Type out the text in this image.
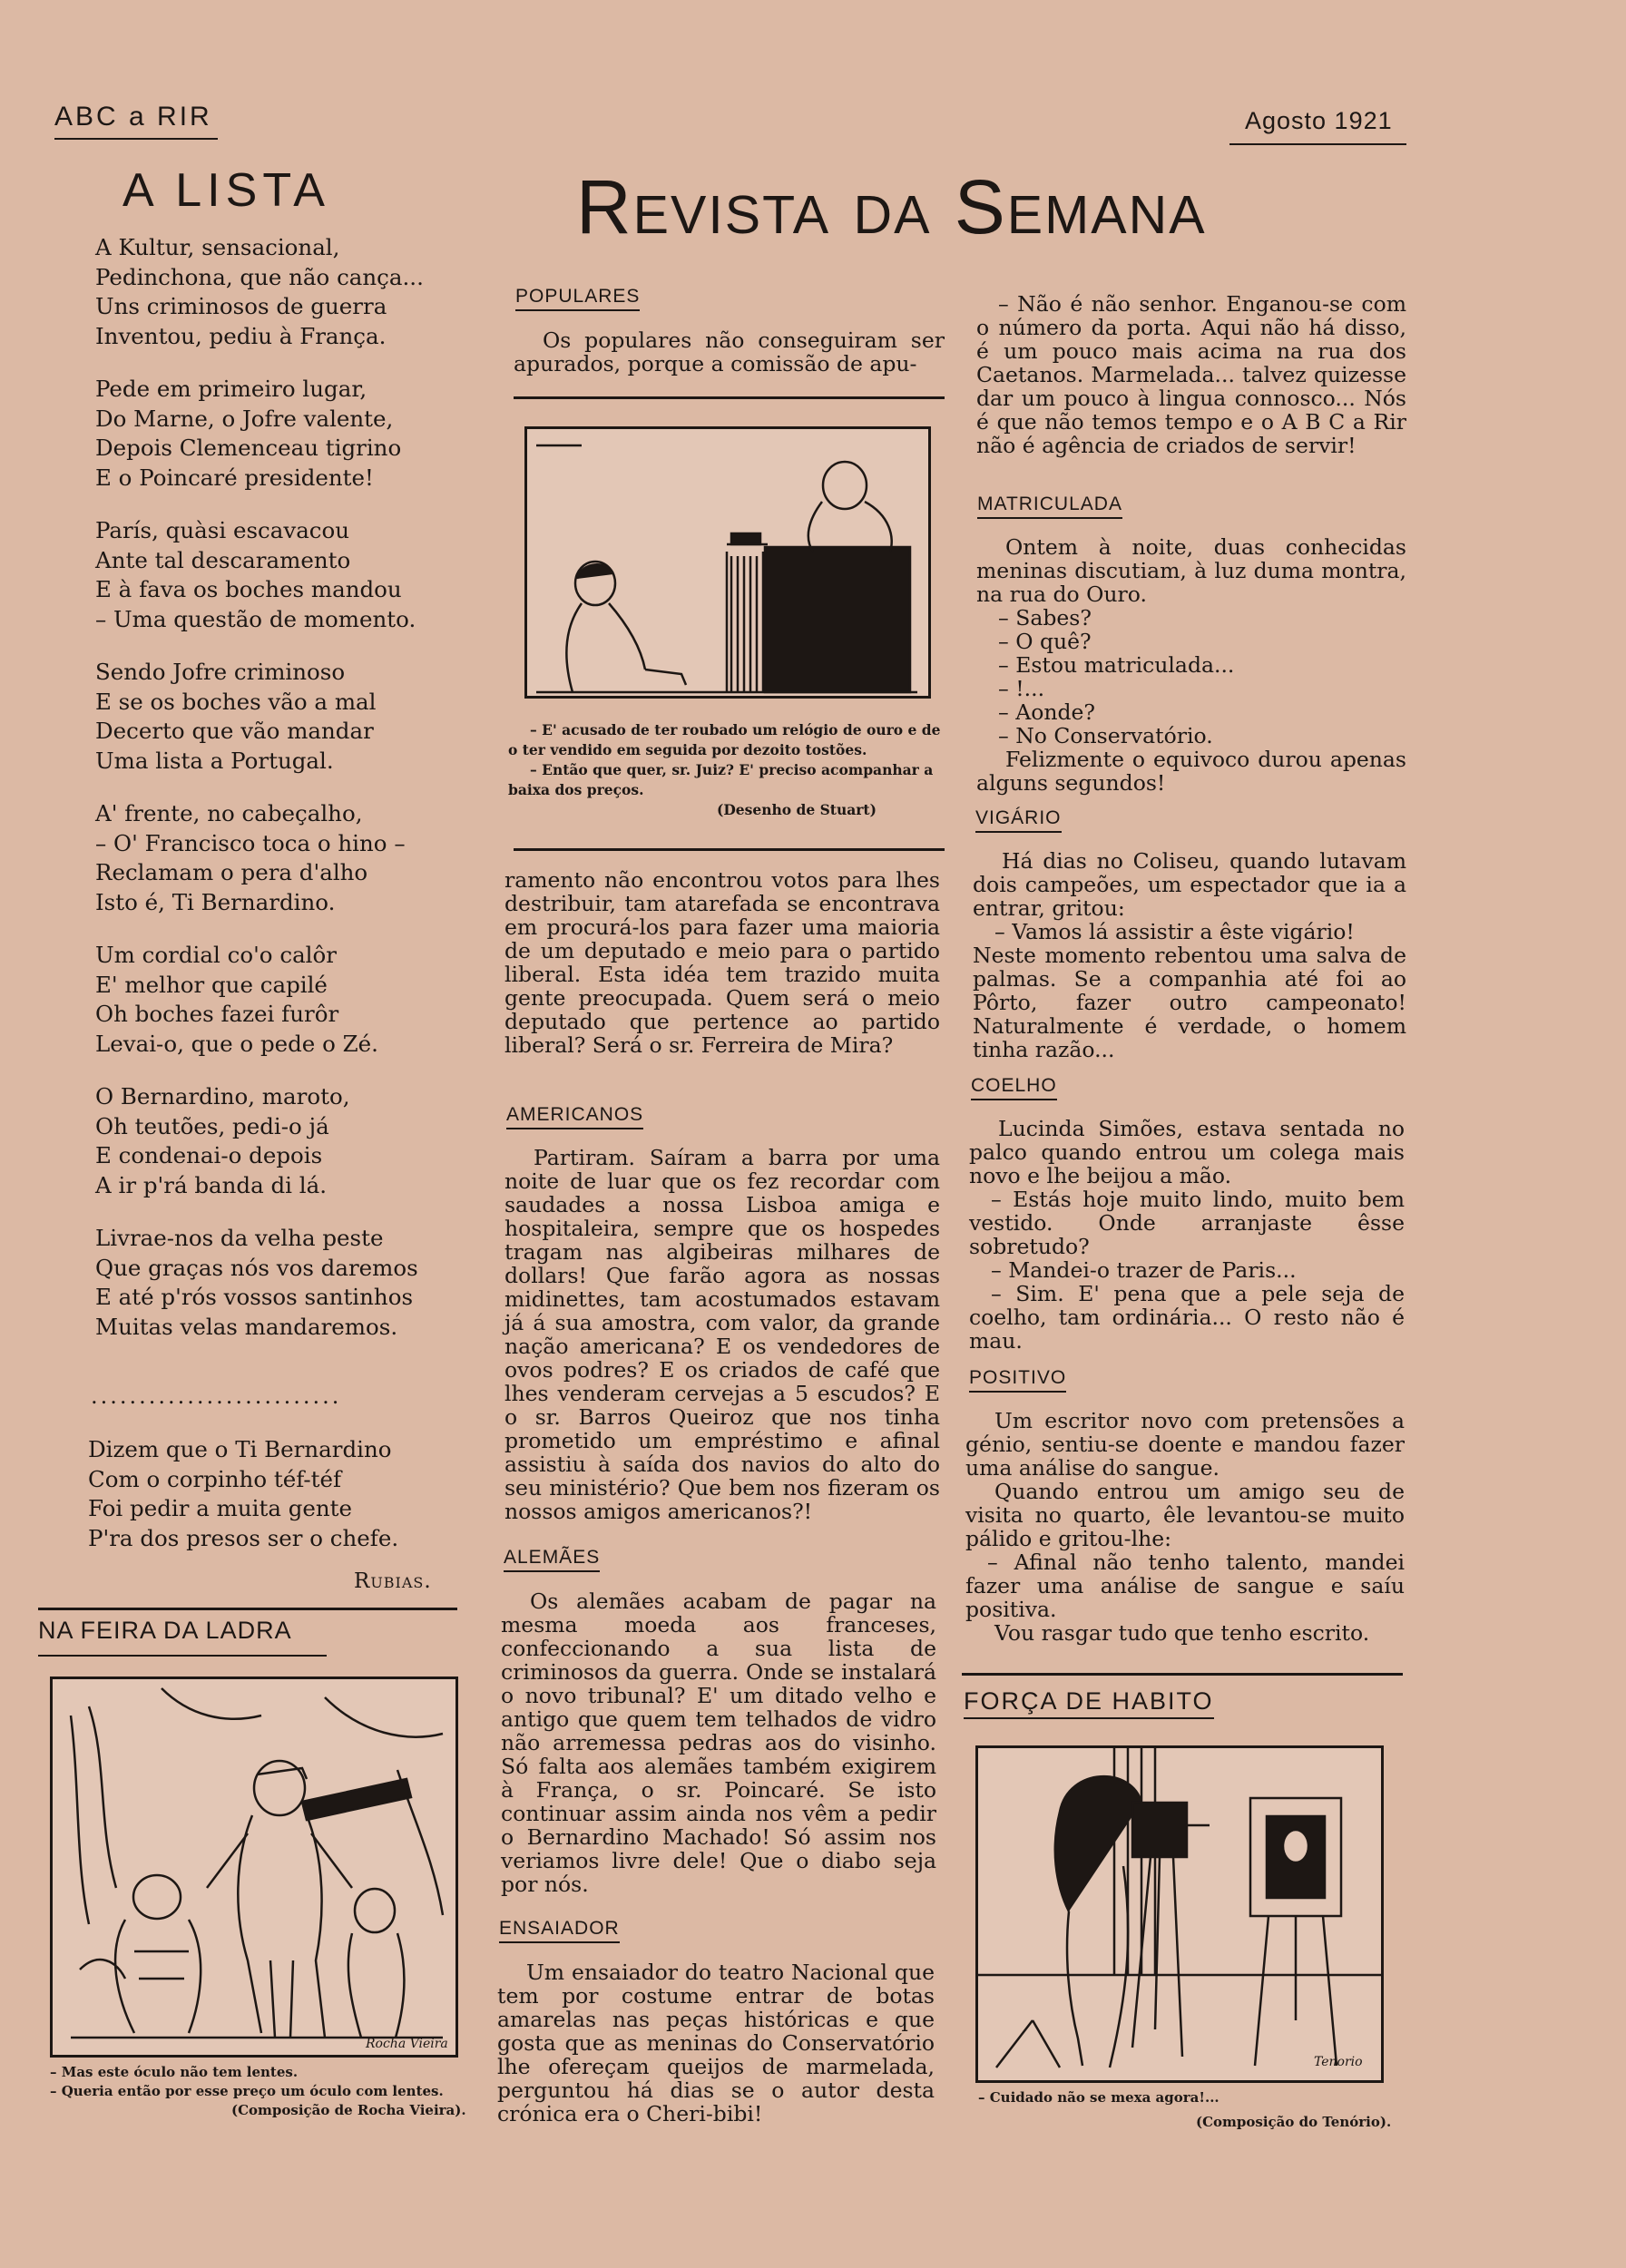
ABC a RIR	Agosto 1921
A LISTA
A Kultur, sensacional,
Pedinchona, que não cança...
Uns criminosos de guerra
Inventou, pediu à França.
Pede em primeiro lugar,
Do Marne, o Jofre valente,
Depois Clemenceau tigrino
E o Poincaré presidente!
París, quàsi escavacou
Ante tal descaramento
E à fava os boches mandou
– Uma questão de momento.
Sendo Jofre criminoso
E se os boches vão a mal
Decerto que vão mandar
Uma lista a Portugal.
A' frente, no cabeçalho,
– O' Francisco toca o hino –
Reclamam o pera d'alho
Isto é, Ti Bernardino.
Um cordial co'o calôr
E' melhor que capilé
Oh boches fazei furôr
Levai-o, que o pede o Zé.
O Bernardino, maroto,
Oh teutões, pedi-o já
E condenai-o depois
A ir p'rá banda di lá.
Livrae-nos da velha peste
Que graças nós vos daremos
E até p'rós vossos santinhos
Muitas velas mandaremos.
..........................
Dizem que o Ti Bernardino
Com o corpinho téf-téf
Foi pedir a muita gente
P'ra dos presos ser o chefe.
Rubias.
NA FEIRA DA LADRA
Rocha Vieira
– Mas este óculo não tem lentes.
– Queria então por esse preço um óculo com lentes.
(Composição de Rocha Vieira).
Revista da Semana
POPULARES

Os populares não conseguiram ser apurados, porque a comissão de apu-

– E' acusado de ter roubado um relógio de ouro e de o ter vendido em seguida por dezoito tostões.
– Então que quer, sr. Juiz? E' preciso acompanhar a baixa dos preços.
(Desenho de Stuart)

ramento não encontrou votos para lhes destribuir, tam atarefada se encontrava em procurá-los para fazer uma maioria de um deputado e meio para o partido liberal. Esta idéa tem trazido muita gente preocupada. Quem será o meio deputado que pertence ao partido liberal? Será o sr. Ferreira de Mira?

AMERICANOS

Partiram. Saíram a barra por uma noite de luar que os fez recordar com saudades a nossa Lisboa amiga e hospitaleira, sempre que os hospedes tragam nas algibeiras milhares de dollars! Que farão agora as nossas midinettes, tam acostumados estavam já á sua amostra, com valor, da grande nação americana? E os vendedores de ovos podres? E os criados de café que lhes venderam cervejas a 5 escudos? E o sr. Barros Queiroz que nos tinha prometido um empréstimo e afinal assistiu à saída dos navios do alto do seu ministério? Que bem nos fizeram os nossos amigos americanos?!

ALEMÃES

Os alemães acabam de pagar na mesma moeda aos franceses, confeccionando a sua lista de criminosos da guerra. Onde se instalará o novo tribunal? E' um ditado velho e antigo que quem tem telhados de vidro não arremessa pedras aos do visinho. Só falta aos alemães também exigirem à França, o sr. Poincaré. Se isto continuar assim ainda nos vêm a pedir o Bernardino Machado! Só assim nos veriamos livre dele! Que o diabo seja por nós.

ENSAIADOR

Um ensaiador do teatro Nacional que tem por costume entrar de botas amarelas nas peças históricas e que gosta que as meninas do Conservatório lhe ofereçam queijos de marmelada, perguntou há dias se o autor desta crónica era o Cheri-bibi!

– Não é não senhor. Enganou-se com o número da porta. Aqui não há disso, é um pouco mais acima na rua dos Caetanos. Marmelada... talvez quizesse dar um pouco à lingua connosco... Nós é que não temos tempo e o A B C a Rir não é agência de criados de servir!

MATRICULADA

Ontem à noite, duas conhecidas meninas discutiam, à luz duma montra, na rua do Ouro.

– Sabes?
– O quê?
– Estou matriculada...
– !...
– Aonde?
– No Conservatório.

Felizmente o equivoco durou apenas alguns segundos!

VIGÁRIO

Há dias no Coliseu, quando lutavam dois campeões, um espectador que ia a entrar, gritou:

– Vamos lá assistir a êste vigário!

Neste momento rebentou uma salva de palmas. Se a companhia até foi ao Pôrto, fazer outro campeonato! Naturalmente é verdade, o homem tinha razão...

COELHO

Lucinda Simões, estava sentada no palco quando entrou um colega mais novo e lhe beijou a mão.

– Estás hoje muito lindo, muito bem vestido. Onde arranjaste êsse sobretudo?

– Mandei-o trazer de Paris...

– Sim. E' pena que a pele seja de coelho, tam ordinária... O resto não é mau.

POSITIVO

Um escritor novo com pretensões a génio, sentiu-se doente e mandou fazer uma análise do sangue.

Quando entrou um amigo seu de visita no quarto, êle levantou-se muito pálido e gritou-lhe:

– Afinal não tenho talento, mandei fazer uma análise de sangue e saíu positiva.

Vou rasgar tudo que tenho escrito.

FORÇA DE HABITO
Tenorio
– Cuidado não se mexa agora!...
(Composição do Tenório).
